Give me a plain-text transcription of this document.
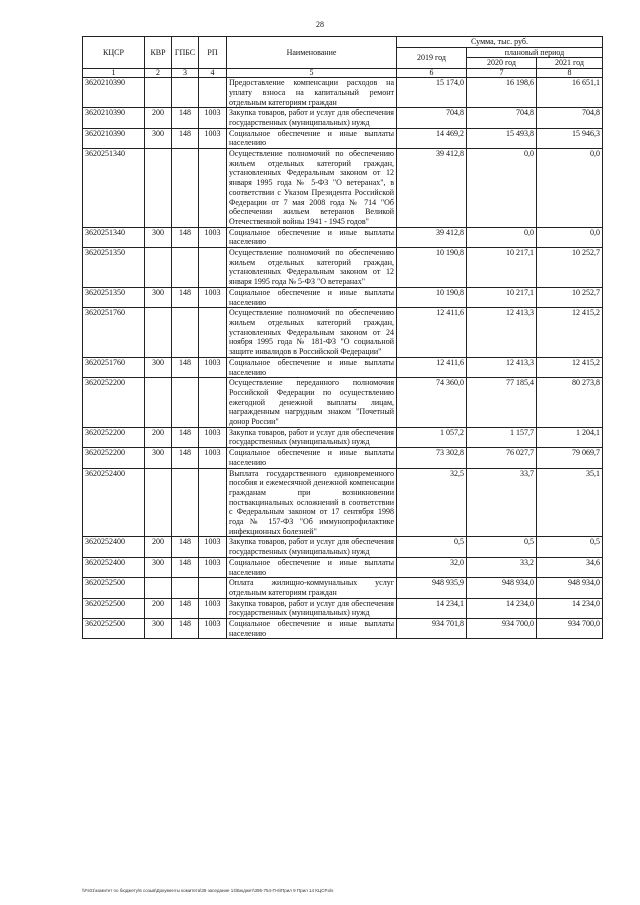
28
КЦСР	КВР	ГПБС	РП	Наименование	Сумма, тыс. руб.		
					2019 год	плановый период	
						2020 год	2021 год
1	2	3	4	5	6	7	8
3620210390				Предоставление компенсации расходов на уплату взноса на капитальный ремонт отдельным категориям граждан	15 174,0	16 198,6	16 651,1
3620210390	200	148	1003	Закупка товаров, работ и услуг для обеспечения государственных (муниципальных) нужд	704,8	704,8	704,8
3620210390	300	148	1003	Социальное обеспечение и иные выплаты населению	14 469,2	15 493,8	15 946,3
3620251340				Осуществление полномочий по обеспечению жильем отдельных категорий граждан, установленных Федеральным законом от 12 января 1995 года № 5-ФЗ "О ветеранах", в соответствии с Указом Президента Российской Федерации от 7 мая 2008 года № 714 "Об обеспечении жильем ветеранов Великой Отечественной войны 1941 - 1945 годов"	39 412,8	0,0	0,0
3620251340	300	148	1003	Социальное обеспечение и иные выплаты населению	39 412,8	0,0	0,0
3620251350				Осуществление полномочий по обеспечению жильем отдельных категорий граждан, установленных Федеральным законом от 12 января 1995 года № 5-ФЗ "О ветеранах"	10 190,8	10 217,1	10 252,7
3620251350	300	148	1003	Социальное обеспечение и иные выплаты населению	10 190,8	10 217,1	10 252,7
3620251760				Осуществление полномочий по обеспечению жильем отдельных категорий граждан, установленных Федеральным законом от 24 ноября 1995 года № 181-ФЗ "О социальной защите инвалидов в Российской Федерации"	12 411,6	12 413,3	12 415,2
3620251760	300	148	1003	Социальное обеспечение и иные выплаты населению	12 411,6	12 413,3	12 415,2
3620252200				Осуществление переданного полномочия Российской Федерации по осуществлению ежегодной денежной выплаты лицам, награжденным нагрудным знаком "Почетный донор России"	74 360,0	77 185,4	80 273,8
3620252200	200	148	1003	Закупка товаров, работ и услуг для обеспечения государственных (муниципальных) нужд	1 057,2	1 157,7	1 204,1
3620252200	300	148	1003	Социальное обеспечение и иные выплаты населению	73 302,8	76 027,7	79 069,7
3620252400				Выплата государственного единовременного пособия и ежемесячной денежной компенсации гражданам при возникновении поствакцинальных осложнений в соответствии с Федеральным законом от 17 сентября 1998 года № 157-ФЗ "Об иммунопрофилактике инфекционных болезней"	32,5	33,7	35,1
3620252400	200	148	1003	Закупка товаров, работ и услуг для обеспечения государственных (муниципальных) нужд	0,5	0,5	0,5
3620252400	300	148	1003	Социальное обеспечение и иные выплаты населению	32,0	33,2	34,6
3620252500				Оплата жилищно-коммунальных услуг отдельным категориям граждан	948 935,9	948 934,0	948 934,0
3620252500	200	148	1003	Закупка товаров, работ и услуг для обеспечения государственных (муниципальных) нужд	14 234,1	14 234,0	14 234,0
3620252500	300	148	1003	Социальное обеспечение и иные выплаты населению	934 701,8	934 700,0	934 700,0
\\Fs01\комитет по бюджету\6 созыв\Документы комитета\39 заседание 14\Бюджет\395-754-П-6\Прил 9 Прил 14 КЦСР.xls
